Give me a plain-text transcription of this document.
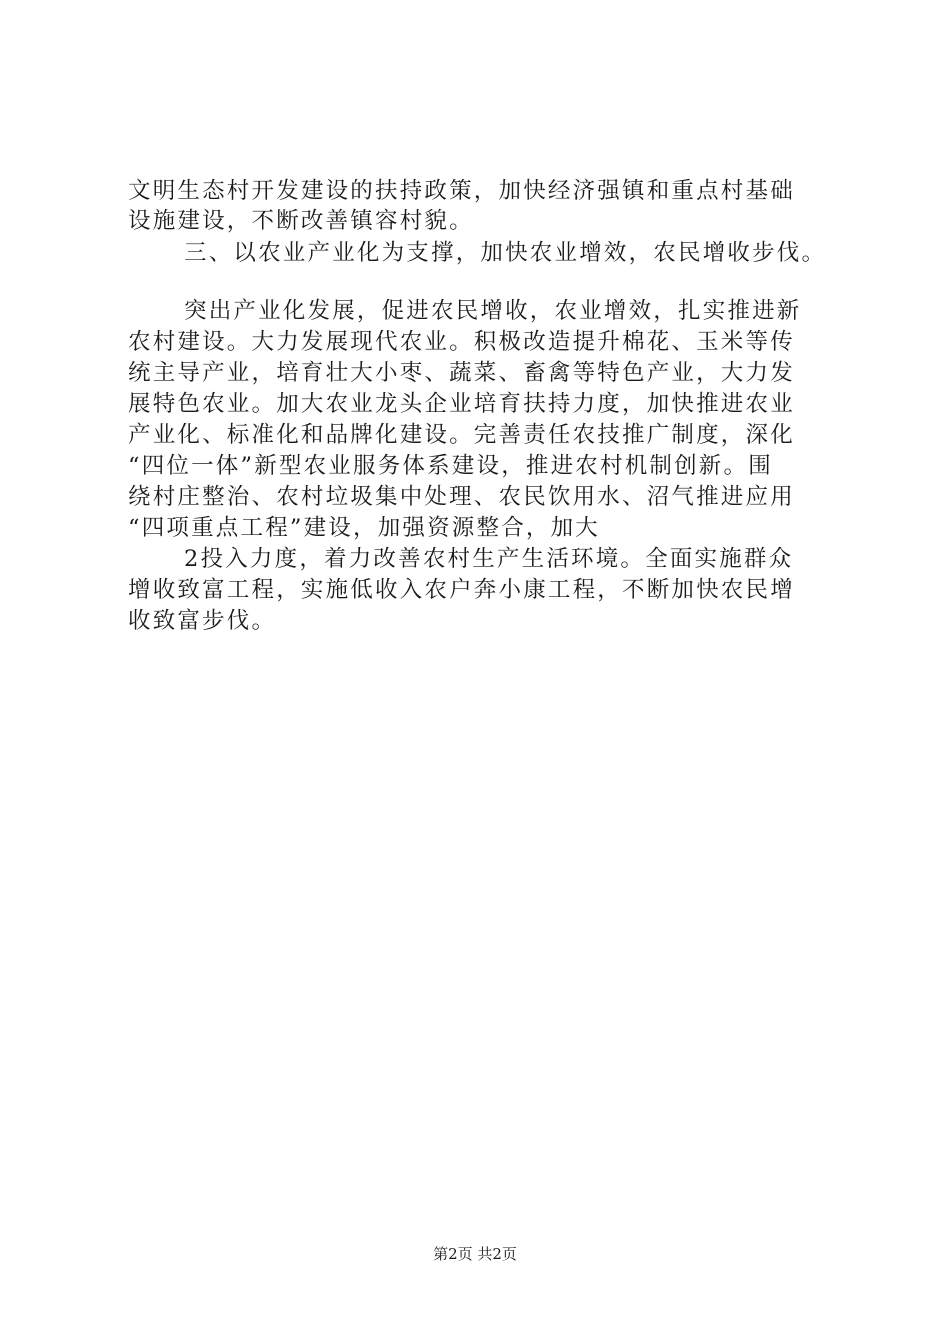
文明生态村开发建设的扶持政策，加快经济强镇和重点村基础
设施建设，不断改善镇容村貌。
三、以农业产业化为支撑，加快农业增效，农民增收步伐。
突出产业化发展，促进农民增收，农业增效，扎实推进新
农村建设。大力发展现代农业。积极改造提升棉花、玉米等传
统主导产业，培育壮大小枣、蔬菜、畜禽等特色产业，大力发
展特色农业。加大农业龙头企业培育扶持力度，加快推进农业
产业化、标准化和品牌化建设。完善责任农技推广制度，深化
“四位一体”新型农业服务体系建设，推进农村机制创新。围
绕村庄整治、农村垃圾集中处理、农民饮用水、沼气推进应用
“四项重点工程”建设，加强资源整合，加大
2投入力度，着力改善农村生产生活环境。全面实施群众
增收致富工程，实施低收入农户奔小康工程，不断加快农民增
收致富步伐。
第2页 共2页
